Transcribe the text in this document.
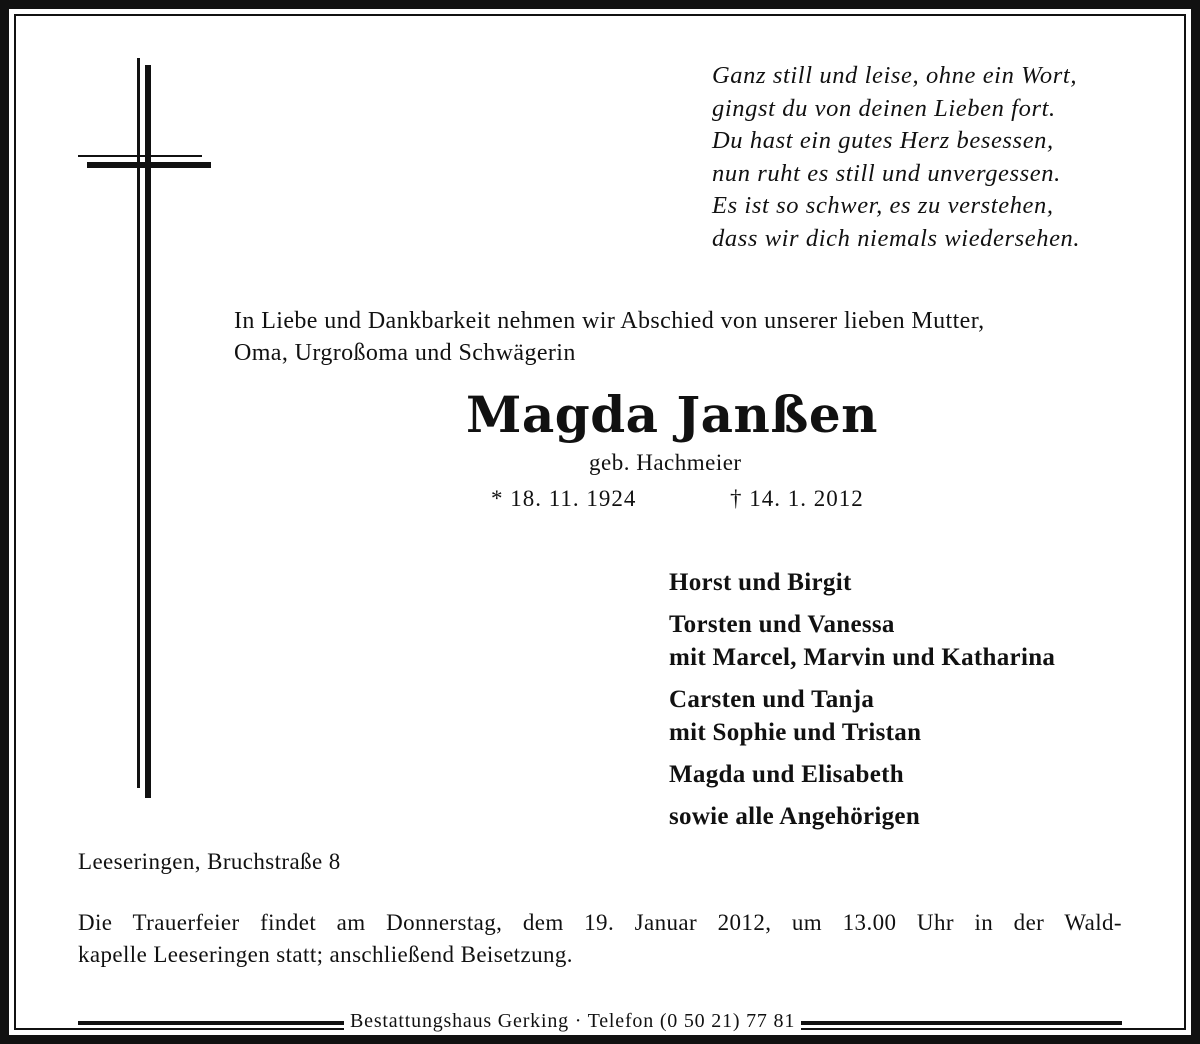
Ganz still und leise, ohne ein Wort,
gingst du von deinen Lieben fort.
Du hast ein gutes Herz besessen,
nun ruht es still und unvergessen.
Es ist so schwer, es zu verstehen,
dass wir dich niemals wiedersehen.
In Liebe und Dankbarkeit nehmen wir Abschied von unserer lieben Mutter,
Oma, Urgroßoma und Schwägerin
Magda Janßen
geb. Hachmeier
* 18. 11. 1924	† 14. 1. 2012
Horst und Birgit
Torsten und Vanessa
mit Marcel, Marvin und Katharina
Carsten und Tanja
mit Sophie und Tristan
Magda und Elisabeth
sowie alle Angehörigen
Leeseringen, Bruchstraße 8
Die Trauerfeier findet am Donnerstag, dem 19. Januar 2012, um 13.00 Uhr in der Wald-
kapelle Leeseringen statt; anschließend Beisetzung.
Bestattungshaus Gerking · Telefon (0 50 21) 77 81
